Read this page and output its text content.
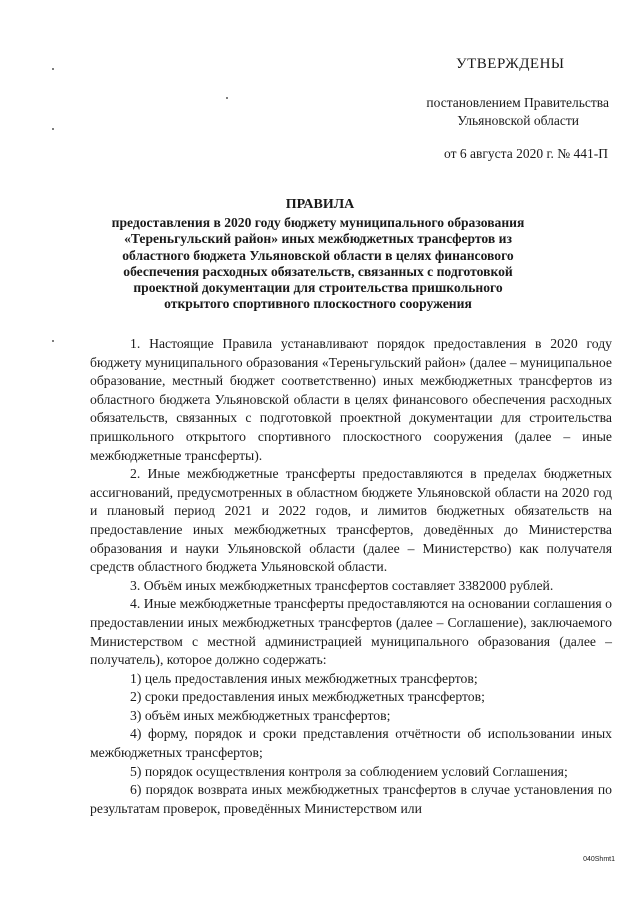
УТВЕРЖДЕНЫ
постановлением Правительства
Ульяновской области
от 6 августа 2020 г. № 441-П
ПРАВИЛА
предоставления в 2020 году бюджету муниципального образования «Тереньгульский район» иных межбюджетных трансфертов из областного бюджета Ульяновской области в целях финансового обеспечения расходных обязательств, связанных с подготовкой проектной документации для строительства пришкольного открытого спортивного плоскостного сооружения

1. Настоящие Правила устанавливают порядок предоставления в 2020 году бюджету муниципального образования «Тереньгульский район» (далее – муниципальное образование, местный бюджет соответственно) иных межбюджетных трансфертов из областного бюджета Ульяновской области в целях финансового обеспечения расходных обязательств, связанных с подготовкой проектной документации для строительства пришкольного открытого спортивного плоскостного сооружения (далее – иные межбюджетные трансферты).

2. Иные межбюджетные трансферты предоставляются в пределах бюджетных ассигнований, предусмотренных в областном бюджете Ульяновской области на 2020 год и плановый период 2021 и 2022 годов, и лимитов бюджетных обязательств на предоставление иных межбюджетных трансфертов, доведённых до Министерства образования и науки Ульяновской области (далее – Министерство) как получателя средств областного бюджета Ульяновской области.

3. Объём иных межбюджетных трансфертов составляет 3382000 рублей.

4. Иные межбюджетные трансферты предоставляются на основании соглашения о предоставлении иных межбюджетных трансфертов (далее – Соглашение), заключаемого Министерством с местной администрацией муниципального образования (далее – получатель), которое должно содержать:

1) цель предоставления иных межбюджетных трансфертов;

2) сроки предоставления иных межбюджетных трансфертов;

3) объём иных межбюджетных трансфертов;

4) форму, порядок и сроки представления отчётности об использовании иных межбюджетных трансфертов;

5) порядок осуществления контроля за соблюдением условий Соглашения;

6) порядок возврата иных межбюджетных трансфертов в случае установления по результатам проверок, проведённых Министерством или

040Shmt1
